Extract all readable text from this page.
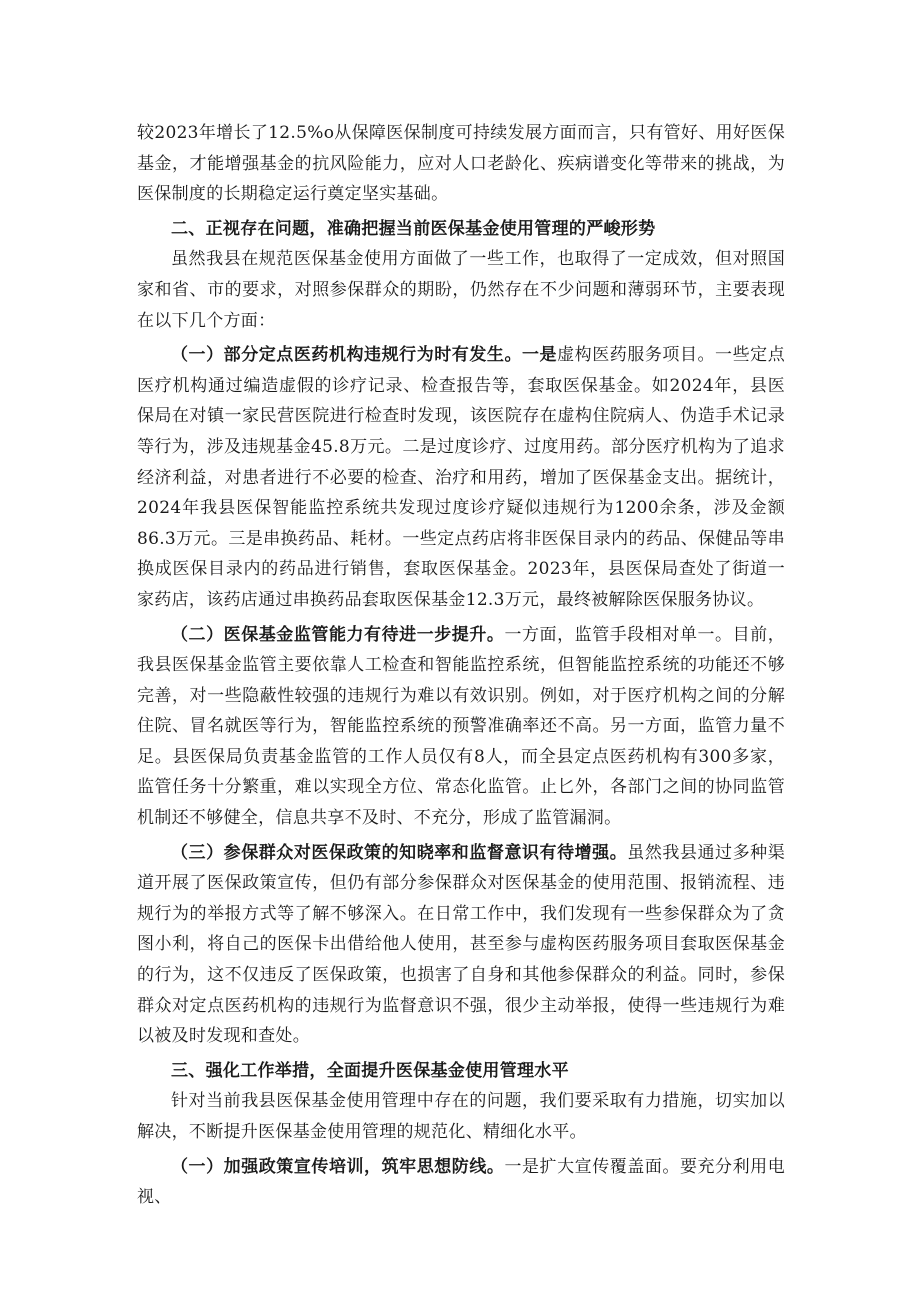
较2023年增长了12.5%o从保障医保制度可持续发展方面而言，只有管好、用好医保基金，才能增强基金的抗风险能力，应对人口老龄化、疾病谱变化等带来的挑战，为医保制度的长期稳定运行奠定坚实基础。

二、正视存在问题，准确把握当前医保基金使用管理的严峻形势

虽然我县在规范医保基金使用方面做了一些工作，也取得了一定成效，但对照国家和省、市的要求，对照参保群众的期盼，仍然存在不少问题和薄弱环节，主要表现在以下几个方面：

（一）部分定点医药机构违规行为时有发生。一是虚构医药服务项目。一些定点医疗机构通过编造虚假的诊疗记录、检查报告等，套取医保基金。如2024年，县医保局在对镇一家民营医院进行检查时发现，该医院存在虚构住院病人、伪造手术记录等行为，涉及违规基金45.8万元。二是过度诊疗、过度用药。部分医疗机构为了追求经济利益，对患者进行不必要的检查、治疗和用药，增加了医保基金支出。据统计，2024年我县医保智能监控系统共发现过度诊疗疑似违规行为1200余条，涉及金额86.3万元。三是串换药品、耗材。一些定点药店将非医保目录内的药品、保健品等串换成医保目录内的药品进行销售，套取医保基金。2023年，县医保局查处了街道一家药店，该药店通过串换药品套取医保基金12.3万元，最终被解除医保服务协议。

（二）医保基金监管能力有待进一步提升。一方面，监管手段相对单一。目前，我县医保基金监管主要依靠人工检查和智能监控系统，但智能监控系统的功能还不够完善，对一些隐蔽性较强的违规行为难以有效识别。例如，对于医疗机构之间的分解住院、冒名就医等行为，智能监控系统的预警准确率还不高。另一方面，监管力量不足。县医保局负责基金监管的工作人员仅有8人，而全县定点医药机构有300多家，监管任务十分繁重，难以实现全方位、常态化监管。止匕外，各部门之间的协同监管机制还不够健全，信息共享不及时、不充分，形成了监管漏洞。

（三）参保群众对医保政策的知晓率和监督意识有待增强。虽然我县通过多种渠道开展了医保政策宣传，但仍有部分参保群众对医保基金的使用范围、报销流程、违规行为的举报方式等了解不够深入。在日常工作中，我们发现有一些参保群众为了贪图小利，将自己的医保卡出借给他人使用，甚至参与虚构医药服务项目套取医保基金的行为，这不仅违反了医保政策，也损害了自身和其他参保群众的利益。同时，参保群众对定点医药机构的违规行为监督意识不强，很少主动举报，使得一些违规行为难以被及时发现和查处。

三、强化工作举措，全面提升医保基金使用管理水平

针对当前我县医保基金使用管理中存在的问题，我们要采取有力措施，切实加以解决，不断提升医保基金使用管理的规范化、精细化水平。

（一）加强政策宣传培训，筑牢思想防线。一是扩大宣传覆盖面。要充分利用电视、
